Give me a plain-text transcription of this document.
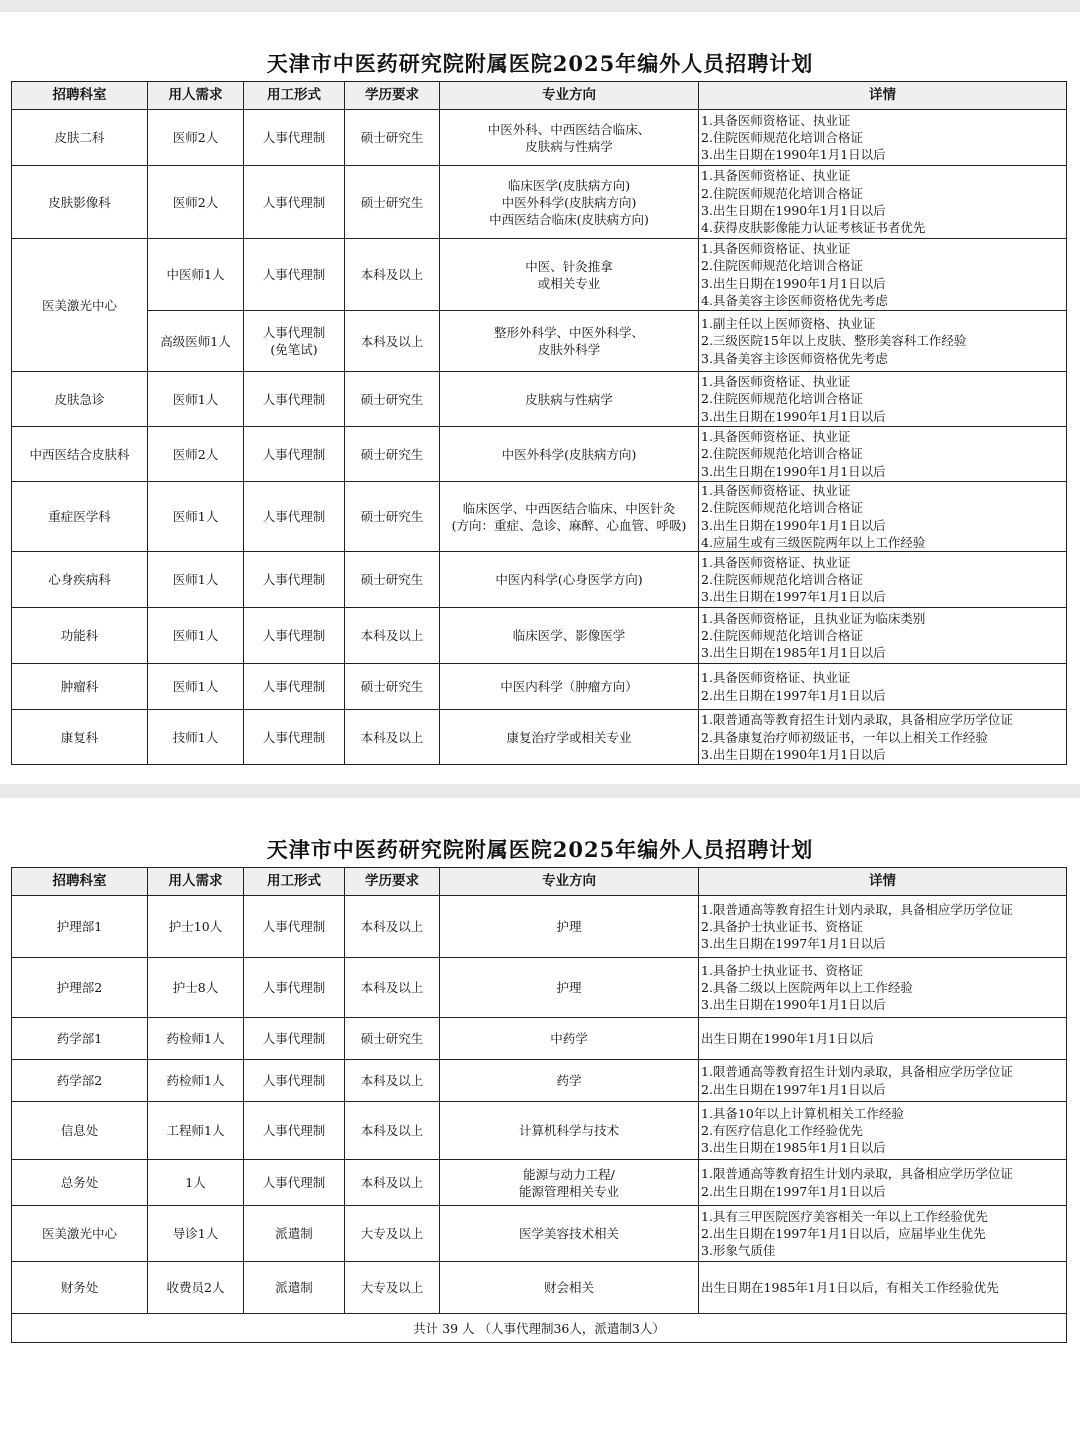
天津市中医药研究院附属医院2025年编外人员招聘计划
招聘科室	用人需求	用工形式	学历要求	专业方向	详情

皮肤二科	医师2人	人事代理制	硕士研究生	中医外科、中西医结合临床、
皮肤病与性病学	1.具备医师资格证、执业证
2.住院医师规范化培训合格证
3.出生日期在1990年1月1日以后

皮肤影像科	医师2人	人事代理制	硕士研究生	临床医学(皮肤病方向)
中医外科学(皮肤病方向)
中西医结合临床(皮肤病方向)	1.具备医师资格证、执业证
2.住院医师规范化培训合格证
3.出生日期在1990年1月1日以后
4.获得皮肤影像能力认证考核证书者优先

医美激光中心	中医师1人	人事代理制	本科及以上	中医、针灸推拿
或相关专业	1.具备医师资格证、执业证
2.住院医师规范化培训合格证
3.出生日期在1990年1月1日以后
4.具备美容主诊医师资格优先考虑

	高级医师1人	人事代理制
(免笔试)	本科及以上	整形外科学、中医外科学、
皮肤外科学	1.副主任以上医师资格、执业证
2.三级医院15年以上皮肤、整形美容科工作经验
3.具备美容主诊医师资格优先考虑

皮肤急诊	医师1人	人事代理制	硕士研究生	皮肤病与性病学	1.具备医师资格证、执业证
2.住院医师规范化培训合格证
3.出生日期在1990年1月1日以后

中西医结合皮肤科	医师2人	人事代理制	硕士研究生	中医外科学(皮肤病方向)	1.具备医师资格证、执业证
2.住院医师规范化培训合格证
3.出生日期在1990年1月1日以后

重症医学科	医师1人	人事代理制	硕士研究生	临床医学、中西医结合临床、中医针灸
(方向：重症、急诊、麻醉、心血管、呼吸)	1.具备医师资格证、执业证
2.住院医师规范化培训合格证
3.出生日期在1990年1月1日以后
4.应届生或有三级医院两年以上工作经验

心身疾病科	医师1人	人事代理制	硕士研究生	中医内科学(心身医学方向)	1.具备医师资格证、执业证
2.住院医师规范化培训合格证
3.出生日期在1997年1月1日以后

功能科	医师1人	人事代理制	本科及以上	临床医学、影像医学	1.具备医师资格证，且执业证为临床类别
2.住院医师规范化培训合格证
3.出生日期在1985年1月1日以后

肿瘤科	医师1人	人事代理制	硕士研究生	中医内科学（肿瘤方向）	1.具备医师资格证、执业证
2.出生日期在1997年1月1日以后

康复科	技师1人	人事代理制	本科及以上	康复治疗学或相关专业	1.限普通高等教育招生计划内录取，具备相应学历学位证
2.具备康复治疗师初级证书，一年以上相关工作经验
3.出生日期在1990年1月1日以后
天津市中医药研究院附属医院2025年编外人员招聘计划
招聘科室	用人需求	用工形式	学历要求	专业方向	详情

护理部1	护士10人	人事代理制	本科及以上	护理	1.限普通高等教育招生计划内录取，具备相应学历学位证
2.具备护士执业证书、资格证
3.出生日期在1997年1月1日以后

护理部2	护士8人	人事代理制	本科及以上	护理	1.具备护士执业证书、资格证
2.具备二级以上医院两年以上工作经验
3.出生日期在1990年1月1日以后

药学部1	药检师1人	人事代理制	硕士研究生	中药学	出生日期在1990年1月1日以后

药学部2	药检师1人	人事代理制	本科及以上	药学	1.限普通高等教育招生计划内录取，具备相应学历学位证
2.出生日期在1997年1月1日以后

信息处	工程师1人	人事代理制	本科及以上	计算机科学与技术	1.具备10年以上计算机相关工作经验
2.有医疗信息化工作经验优先
3.出生日期在1985年1月1日以后

总务处	1人	人事代理制	本科及以上	能源与动力工程/
能源管理相关专业	1.限普通高等教育招生计划内录取，具备相应学历学位证
2.出生日期在1997年1月1日以后

医美激光中心	导诊1人	派遣制	大专及以上	医学美容技术相关	1.具有三甲医院医疗美容相关一年以上工作经验优先
2.出生日期在1997年1月1日以后，应届毕业生优先
3.形象气质佳

财务处	收费员2人	派遣制	大专及以上	财会相关	出生日期在1985年1月1日以后，有相关工作经验优先

共计 39 人 （人事代理制36人，派遣制3人）					
